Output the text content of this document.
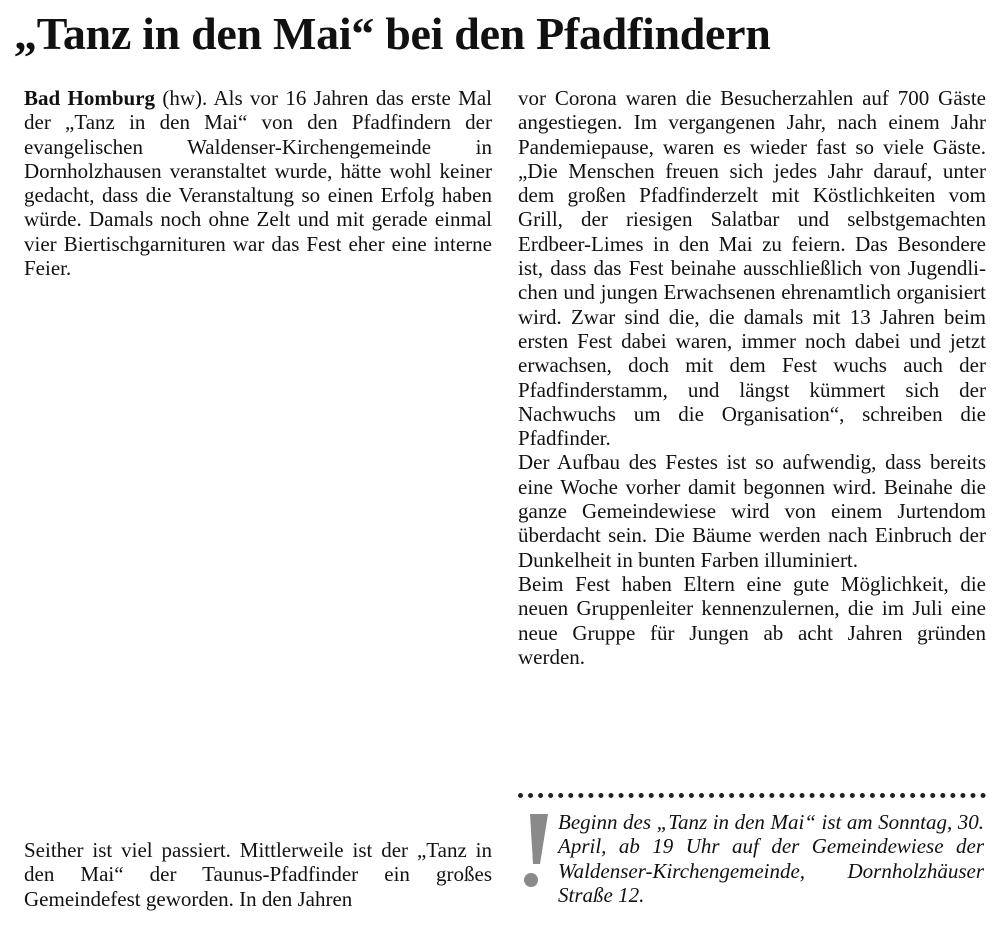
„Tanz in den Mai“ bei den Pfadfindern

Bad Homburg (hw). Als vor 16 Jahren das erste Mal der „Tanz in den Mai“ von den Pfadfindern der evangelischen Waldenser-Kirchengemeinde in Dornholzhausen veranstaltet wurde, hätte wohl keiner gedacht, dass die Veranstaltung so einen Erfolg haben würde. Damals noch ohne Zelt und mit gerade einmal vier Biertischgarnituren war das Fest eher eine interne Feier.

Seither ist viel passiert. Mittlerweile ist der „Tanz in den Mai“ der Taunus-Pfadfinder ein großes Gemeindefest geworden. In den Jahren

vor Corona waren die Besucherzahlen auf 700 Gäste angestiegen. Im vergangenen Jahr, nach einem Jahr Pandemiepause, waren es wieder fast so viele Gäste. „Die Menschen freuen sich jedes Jahr darauf, unter dem großen Pfadfinderzelt mit Köstlichkeiten vom Grill, der riesigen Salatbar und selbstgemachten Erdbeer-Limes in den Mai zu feiern. Das Besondere ist, dass das Fest beinahe ausschließlich von Jugendlichen und jungen Erwachsenen ehrenamtlich organisiert wird. Zwar sind die, die damals mit 13 Jahren beim ersten Fest dabei waren, immer noch dabei und jetzt erwachsen, doch mit dem Fest wuchs auch der Pfadfinderstamm, und längst kümmert sich der Nachwuchs um die Organisation“, schreiben die Pfadfinder.

Der Aufbau des Festes ist so aufwendig, dass bereits eine Woche vorher damit begonnen wird. Beinahe die ganze Gemeindewiese wird von einem Jurtendom überdacht sein. Die Bäume werden nach Einbruch der Dunkelheit in bunten Farben illuminiert.

Beim Fest haben Eltern eine gute Möglichkeit, die neuen Gruppenleiter kennenzulernen, die im Juli eine neue Gruppe für Jungen ab acht Jahren gründen werden.

Beginn des „Tanz in den Mai“ ist am Sonntag, 30. April, ab 19 Uhr auf der Gemeindewiese der Waldenser-Kirchengemeinde, Dornholzhäuser Straße 12.
